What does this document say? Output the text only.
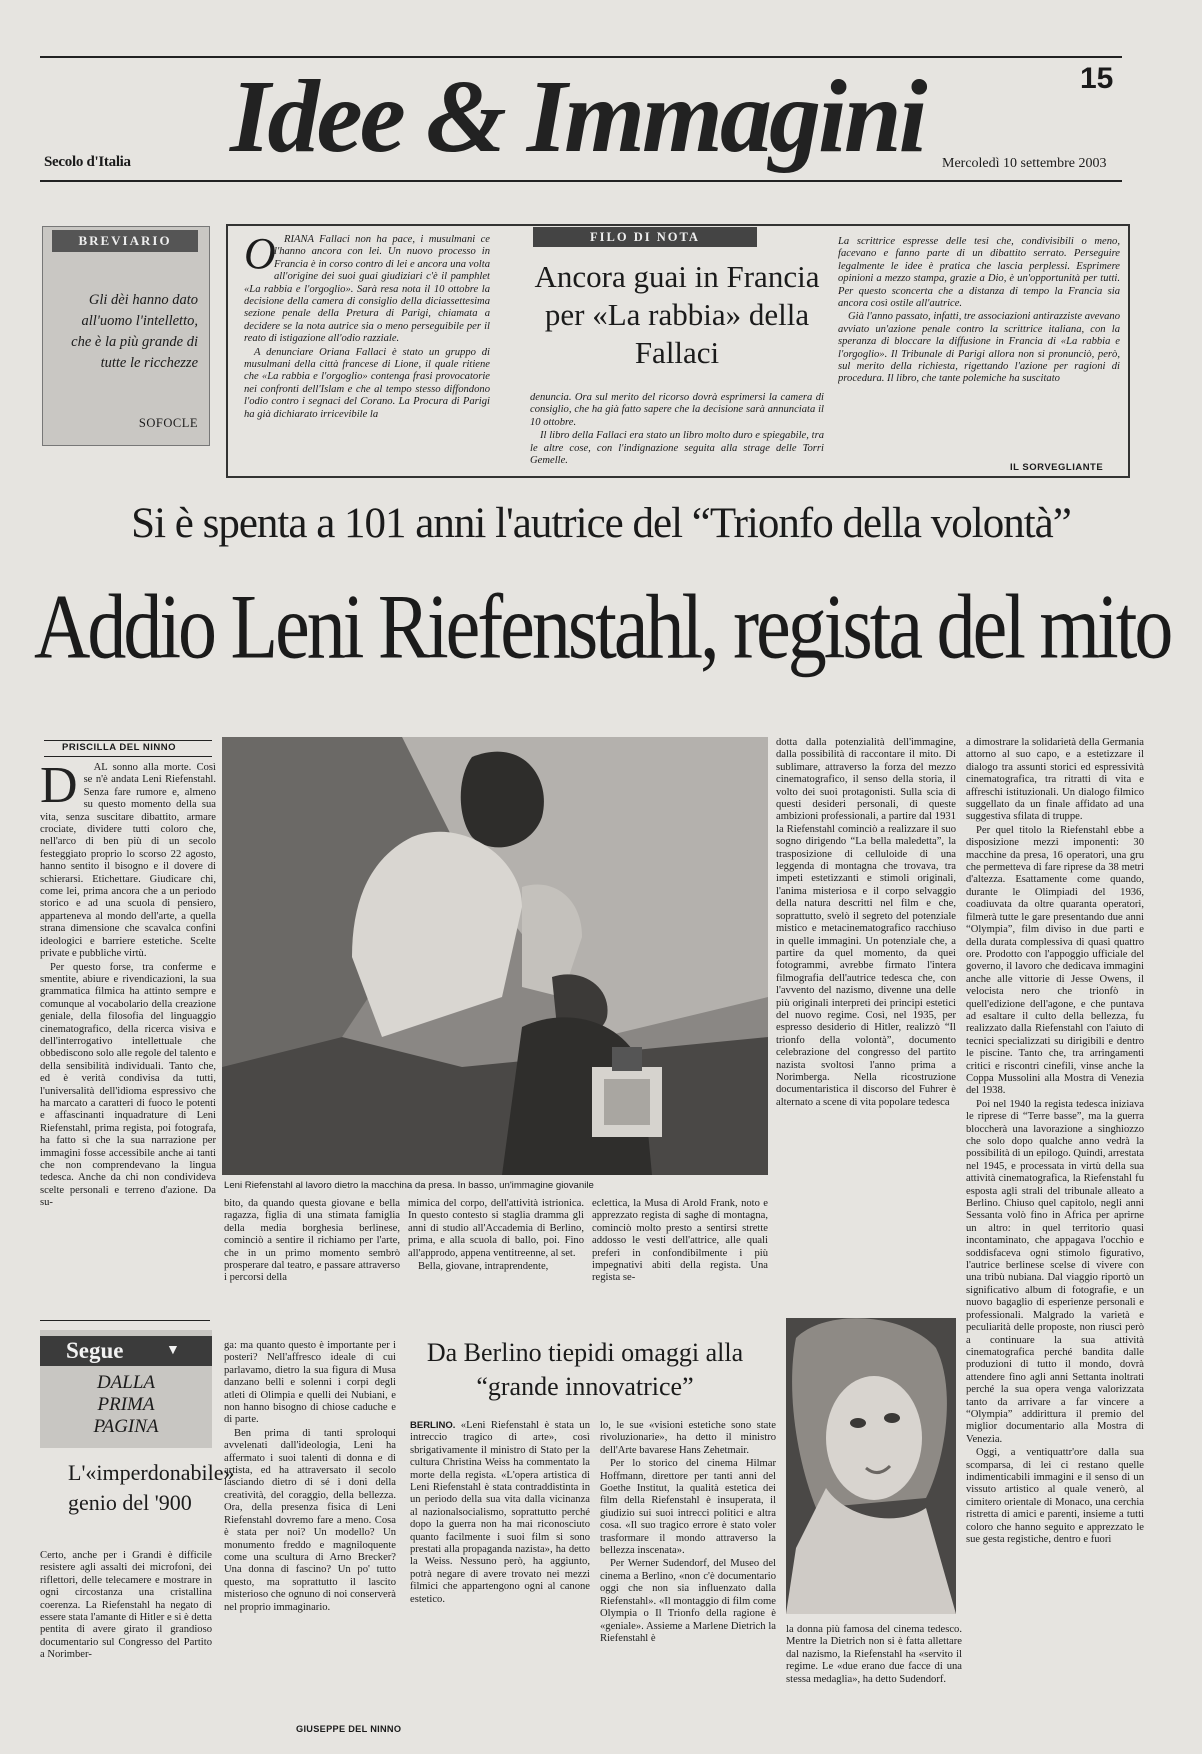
Secolo d'Italia Idee & Immagini	15
Mercoledì 10 settembre 2003
BREVIARIO
Gli dèi hanno dato all'uomo l'intelletto, che è la più grande di tutte le ricchezze
SOFOCLE
FILO DI NOTA
Ancora guai in Francia per «La rabbia» della Fallaci
O RIANA Fallaci non ha pace, i musulmani ce l'hanno ancora con lei. Un nuovo processo in Francia è in corso contro di lei e ancora una volta all'origine dei suoi guai giudiziari c'è il pamphlet «La rabbia e l'orgoglio». Sarà resa nota il 10 ottobre la decisione della camera di consiglio della diciassettesima sezione penale della Pretura di Parigi, chiamata a decidere se la nota autrice sia o meno perseguibile per il reato di istigazione all'odio razziale.

A denunciare Oriana Fallaci è stato un gruppo di musulmani della città francese di Lione, il quale ritiene che «La rabbia e l'orgoglio» contenga frasi provocatorie nei confronti dell'Islam e che al tempo stesso diffondono l'odio contro i segnaci del Corano. La Procura di Parigi ha già dichiarato irricevibile la

denuncia. Ora sul merito del ricorso dovrà esprimersi la camera di consiglio, che ha già fatto sapere che la decisione sarà annunciata il 10 ottobre.

Il libro della Fallaci era stato un libro molto duro e spiegabile, tra le altre cose, con l'indignazione seguita alla strage delle Torri Gemelle.

La scrittrice espresse delle tesi che, condivisibili o meno, facevano e fanno parte di un dibattito serrato. Perseguire legalmente le idee è pratica che lascia perplessi. Esprimere opinioni a mezzo stampa, grazie a Dio, è un'opportunità per tutti. Per questo sconcerta che a distanza di tempo la Francia sia ancora così ostile all'autrice.

Già l'anno passato, infatti, tre associazioni antirazziste avevano avviato un'azione penale contro la scrittrice italiana, con la speranza di bloccare la diffusione in Francia di «La rabbia e l'orgoglio». Il Tribunale di Parigi allora non si pronunciò, però, sul merito della richiesta, rigettando l'azione per ragioni di procedura. Il libro, che tante polemiche ha suscitato

IL SORVEGLIANTE
Si è spenta a 101 anni l'autrice del “Trionfo della volontà”
Addio Leni Riefenstahl, regista del mito
PRISCILLA DEL NINNO
D	AL sonno alla morte. Così se n'è andata Leni Riefenstahl. Senza fare rumore e, almeno su questo momento della sua vita, senza suscitare dibattito, armare crociate, dividere tutti coloro che, nell'arco di ben più di un secolo festeggiato proprio lo scorso 22 agosto, hanno sentito il bisogno e il dovere di schierarsi. Etichettare. Giudicare chi, come lei, prima ancora che a un periodo storico e ad una scuola di pensiero, apparteneva al mondo dell'arte, a quella strana dimensione che scavalca confini ideologici e barriere estetiche. Scelte private e pubbliche virtù.

Per questo forse, tra conferme e smentite, abiure e rivendicazioni, la sua grammatica filmica ha attinto sempre e comunque al vocabolario della creazione geniale, della filosofia del linguaggio cinematografico, della ricerca visiva e dell'interrogativo intellettuale che obbediscono solo alle regole del talento e della sensibilità individuali. Tanto che, ed è verità condivisa da tutti, l'universalità dell'idioma espressivo che ha marcato a caratteri di fuoco le potenti e affascinanti inquadrature di Leni Riefenstahl, prima regista, poi fotografa, ha fatto sì che la sua narrazione per immagini fosse accessibile anche ai tanti che non comprendevano la lingua tedesca. Anche da chi non condivideva scelte personali e terreno d'azione. Da su-

Leni Riefenstahl al lavoro dietro la macchina da presa. In basso, un'immagine giovanile

bito, da quando questa giovane e bella ragazza, figlia di una stimata famiglia della media borghesia berlinese, cominciò a sentire il richiamo per l'arte, che in un primo momento sembrò prosperare dal teatro, e passare attraverso i percorsi della

mimica del corpo, dell'attività istrionica. In questo contesto si staglia dramma gli anni di studio all'Accademia di Berlino, prima, e alla scuola di ballo, poi. Fino all'approdo, appena ventitreenne, al set.

Bella, giovane, intraprendente,

eclettica, la Musa di Arold Frank, noto e apprezzato regista di saghe di montagna, cominciò molto presto a sentirsi strette addosso le vesti dell'attrice, alle quali preferì in confondibilmente i più impegnativi abiti della regista. Una regista se-

dotta dalla potenzialità dell'immagine, dalla possibilità di raccontare il mito. Di sublimare, attraverso la forza del mezzo cinematografico, il senso della storia, il volto dei suoi protagonisti. Sulla scia di questi desideri personali, di queste ambizioni professionali, a partire dal 1931 la Riefenstahl cominciò a realizzare il suo sogno dirigendo “La bella maledetta”, la trasposizione di celluloide di una leggenda di montagna che trovava, tra impeti estetizzanti e stimoli originali, l'anima misteriosa e il corpo selvaggio della natura descritti nel film e che, soprattutto, svelò il segreto del potenziale mistico e metacinematografico racchiuso in quelle immagini. Un potenziale che, a partire da quel momento, da quei fotogrammi, avrebbe firmato l'intera filmografia dell'autrice tedesca che, con l'avvento del nazismo, divenne una delle più originali interpreti dei principi estetici del nuovo regime. Così, nel 1935, per espresso desiderio di Hitler, realizzò “Il trionfo della volontà”, documento celebrazione del congresso del partito nazista svoltosi l'anno prima a Norimberga. Nella ricostruzione documentaristica il discorso del Fuhrer è alternato a scene di vita popolare tedesca

a dimostrare la solidarietà della Germania attorno al suo capo, e a estetizzare il dialogo tra assunti storici ed espressività cinematografica, tra ritratti di vita e affreschi istituzionali. Un dialogo filmico suggellato da un finale affidato ad una suggestiva sfilata di truppe.

Per quel titolo la Riefenstahl ebbe a disposizione mezzi imponenti: 30 macchine da presa, 16 operatori, una gru che permetteva di fare riprese da 38 metri d'altezza. Esattamente come quando, durante le Olimpiadi del 1936, coadiuvata da oltre quaranta operatori, filmerà tutte le gare presentando due anni “Olympia”, film diviso in due parti e della durata complessiva di quasi quattro ore. Prodotto con l'appoggio ufficiale del governo, il lavoro che dedicava immagini anche alle vittorie di Jesse Owens, il velocista nero che trionfò in quell'edizione dell'agone, e che puntava ad esaltare il culto della bellezza, fu realizzato dalla Riefenstahl con l'aiuto di tecnici specializzati su dirigibili e dentro le piscine. Tanto che, tra arringamenti critici e riscontri cinefili, vinse anche la Coppa Mussolini alla Mostra di Venezia del 1938.

Poi nel 1940 la regista tedesca iniziava le riprese di “Terre basse”, ma la guerra bloccherà una lavorazione a singhiozzo che solo dopo qualche anno vedrà la possibilità di un epilogo. Quindi, arrestata nel 1945, e processata in virtù della sua attività cinematografica, la Riefenstahl fu esposta agli strali del tribunale alleato a Berlino. Chiuso quel capitolo, negli anni Sessanta volò fino in Africa per aprirne un altro: in quel territorio quasi incontaminato, che appagava l'occhio e soddisfaceva ogni stimolo figurativo, l'autrice berlinese scelse di vivere con una tribù nubiana. Dal viaggio riportò un significativo album di fotografie, e un nuovo bagaglio di esperienze personali e professionali. Malgrado la varietà e peculiarità delle proposte, non riuscì però a continuare la sua attività cinematografica perché bandita dalle produzioni di tutto il mondo, dovrà attendere fino agli anni Settanta inoltrati perché la sua opera venga valorizzata tanto da arrivare a far vincere a “Olympia” addirittura il premio del miglior documentario alla Mostra di Venezia.

Oggi, a ventiquattr'ore dalla sua scomparsa, di lei ci restano quelle indimenticabili immagini e il senso di un vissuto artistico al quale venerò, al cimitero orientale di Monaco, una cerchia ristretta di amici e parenti, insieme a tutti coloro che hanno seguito e apprezzato le sue gesta registiche, dentro e fuori

la donna più famosa del cinema tedesco. Mentre la Dietrich non si è fatta allettare dal nazismo, la Riefenstahl ha «servito il regime. Le «due erano due facce di una stessa medaglia», ha detto Sudendorf.

Segue	▼
DALLA PRIMA PAGINA
L'«imperdonabile» genio del '900

Certo, anche per i Grandi è difficile resistere agli assalti dei microfoni, dei riflettori, delle telecamere e mostrare in ogni circostanza una cristallina coerenza. La Riefenstahl ha negato di essere stata l'amante di Hitler e si è detta pentita di avere girato il grandioso documentario sul Congresso del Partito a Norimber-

ga: ma quanto questo è importante per i posteri? Nell'affresco ideale di cui parlavamo, dietro la sua figura di Musa danzano belli e solenni i corpi degli atleti di Olimpia e quelli dei Nubiani, e non hanno bisogno di chiose caduche e di parte.

Ben prima di tanti sproloqui avvelenati dall'ideologia, Leni ha affermato i suoi talenti di donna e di artista, ed ha attraversato il secolo lasciando dietro di sé i doni della creatività, del coraggio, della bellezza. Ora, della presenza fisica di Leni Riefenstahl dovremo fare a meno. Cosa è stata per noi? Un modello? Un monumento freddo e magniloquente come una scultura di Arno Brecker? Una donna di fascino? Un po' tutto questo, ma soprattutto il lascito misterioso che ognuno di noi conserverà nel proprio immaginario.

GIUSEPPE DEL NINNO
Da Berlino tiepidi omaggi alla “grande innovatrice”

BERLINO. «Leni Riefenstahl è stata un intreccio tragico di arte», così sbrigativamente il ministro di Stato per la cultura Christina Weiss ha commentato la morte della regista. «L'opera artistica di Leni Riefenstahl è stata contraddistinta in un periodo della sua vita dalla vicinanza al nazionalsocialismo, soprattutto perché dopo la guerra non ha mai riconosciuto quanto facilmente i suoi film si sono prestati alla propaganda nazista», ha detto la Weiss. Nessuno però, ha aggiunto, potrà negare di avere trovato nei mezzi filmici che appartengono ogni al canone estetico.

lo, le sue «visioni estetiche sono state rivoluzionarie», ha detto il ministro dell'Arte bavarese Hans Zehetmair.

Per lo storico del cinema Hilmar Hoffmann, direttore per tanti anni del Goethe Institut, la qualità estetica dei film della Riefenstahl è insuperata, il giudizio sui suoi intrecci politici e altra cosa. «Il suo tragico errore è stato voler trasformare il mondo attraverso la bellezza inscenata».

Per Werner Sudendorf, del Museo del cinema a Berlino, «non c'è documentario oggi che non sia influenzato dalla Riefenstahl». «Il montaggio di film come Olympia o Il Trionfo della ragione è «geniale». Assieme a Marlene Dietrich la Riefenstahl è
